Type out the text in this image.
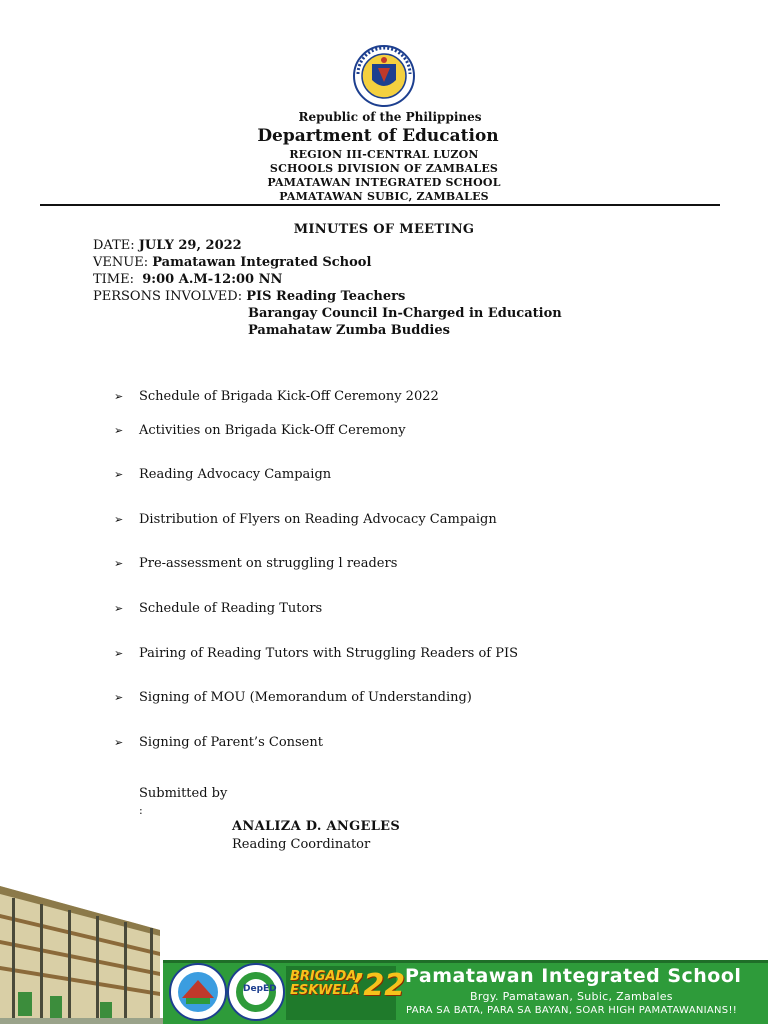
Republic of the Philippines
Department of Education
REGION III-CENTRAL LUZON
SCHOOLS DIVISION OF ZAMBALES
PAMATAWAN INTEGRATED SCHOOL
PAMATAWAN SUBIC, ZAMBALES
MINUTES OF MEETING
DATE: JULY 29, 2022
VENUE: Pamatawan Integrated School
TIME: 9:00 A.M-12:00 NN
PERSONS INVOLVED: PIS Reading Teachers
Barangay Council In-Charged in Education
Pamahataw Zumba Buddies
➢ Schedule of Brigada Kick-Off Ceremony 2022
➢ Activities on Brigada Kick-Off Ceremony
➢ Reading Advocacy Campaign
➢ Distribution of Flyers on Reading Advocacy Campaign
➢ Pre-assessment on struggling l readers
➢ Schedule of Reading Tutors
➢ Pairing of Reading Tutors with Struggling Readers of PIS
➢ Signing of MOU (Memorandum of Understanding)
➢ Signing of Parent’s Consent
Submitted by
:
ANALIZA D. ANGELES
Reading Coordinator
DepED
BRIGADA
ESKWELA
’22 Pamatawan Integrated School
Brgy. Pamatawan, Subic, Zambales
PARA SA BATA, PARA SA BAYAN, SOAR HIGH PAMATAWANIANS!!
